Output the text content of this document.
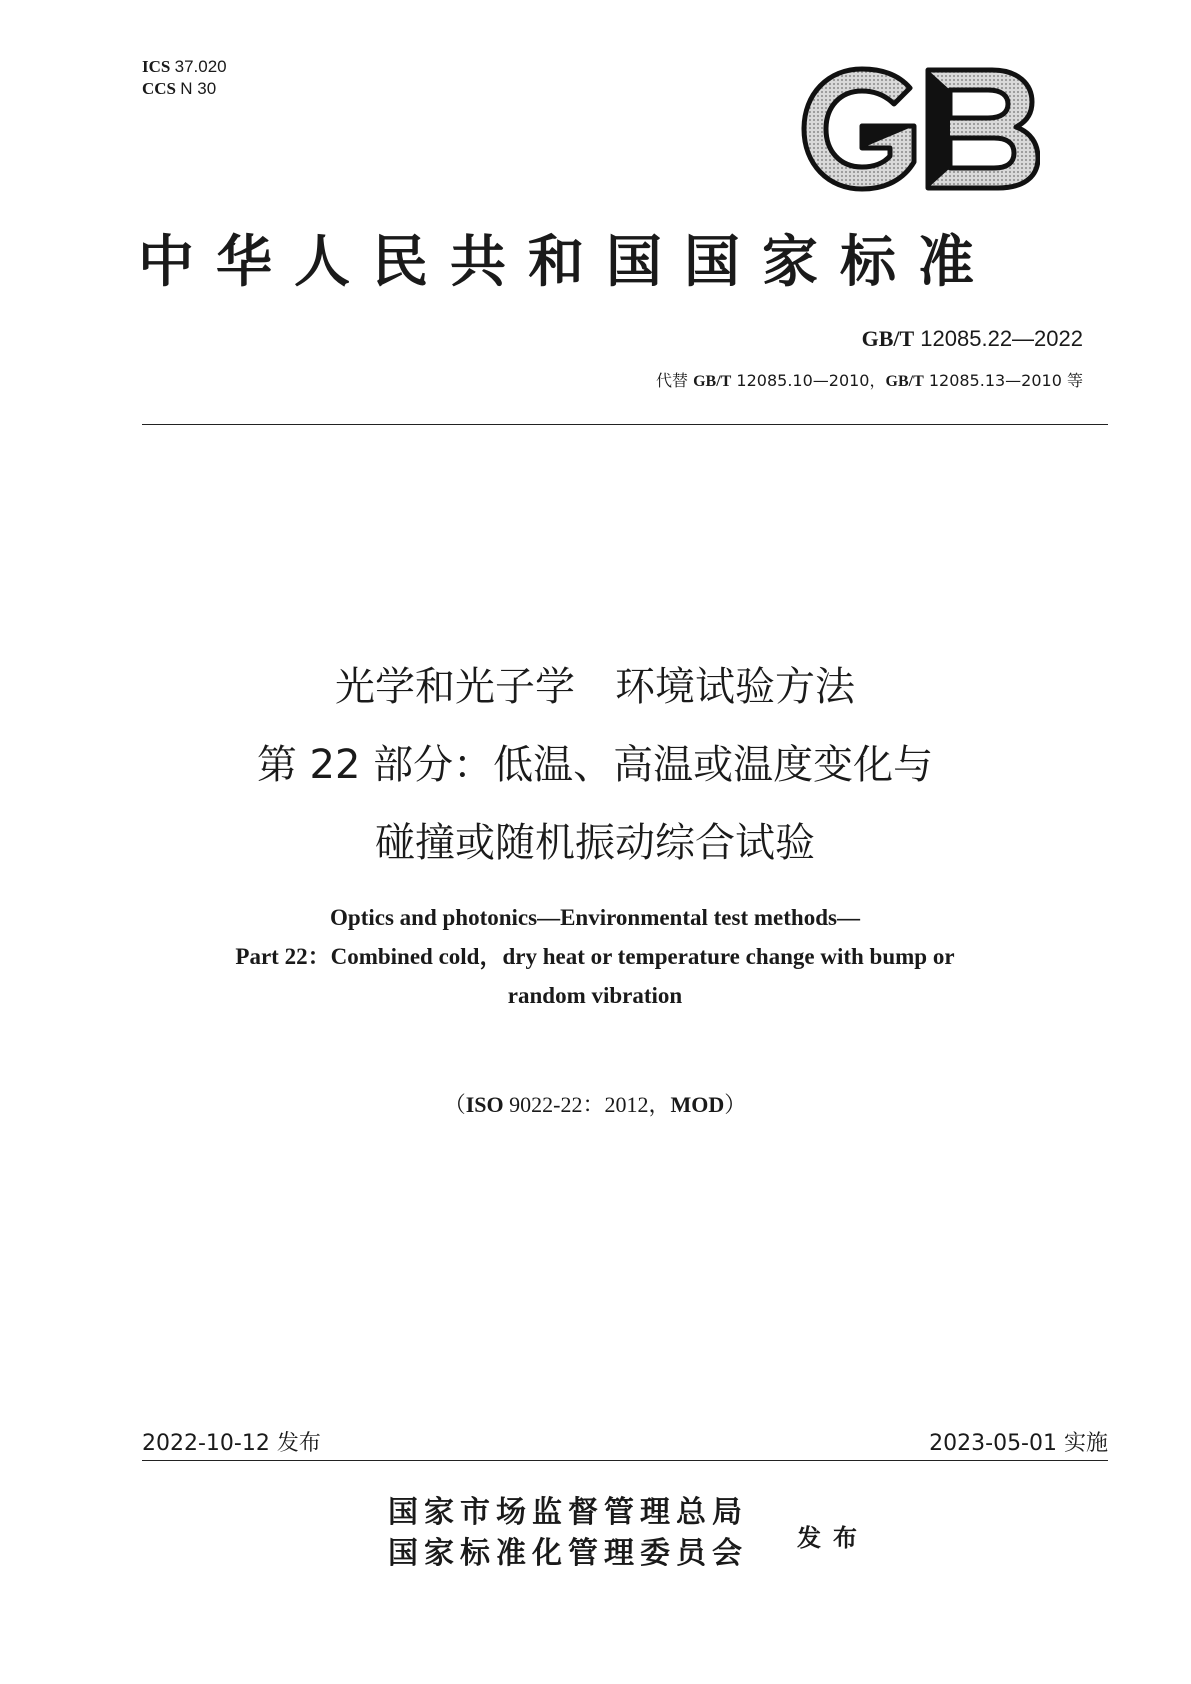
ICS 37.020
CCS N 30
中华人民共和国国家标准
GB/T 12085.22—2022
代替 GB/T 12085.10—2010，GB/T 12085.13—2010 等
光学和光子学　环境试验方法
第 22 部分：低温、高温或温度变化与
碰撞或随机振动综合试验
Optics and photonics—Environmental test methods—
Part 22：Combined cold，dry heat or temperature change with bump or
random vibration
（ISO 9022-22：2012，MOD）
2022-10-12 发布	2023-05-01 实施
国家市场监督管理总局
国家标准化管理委员会 发布
